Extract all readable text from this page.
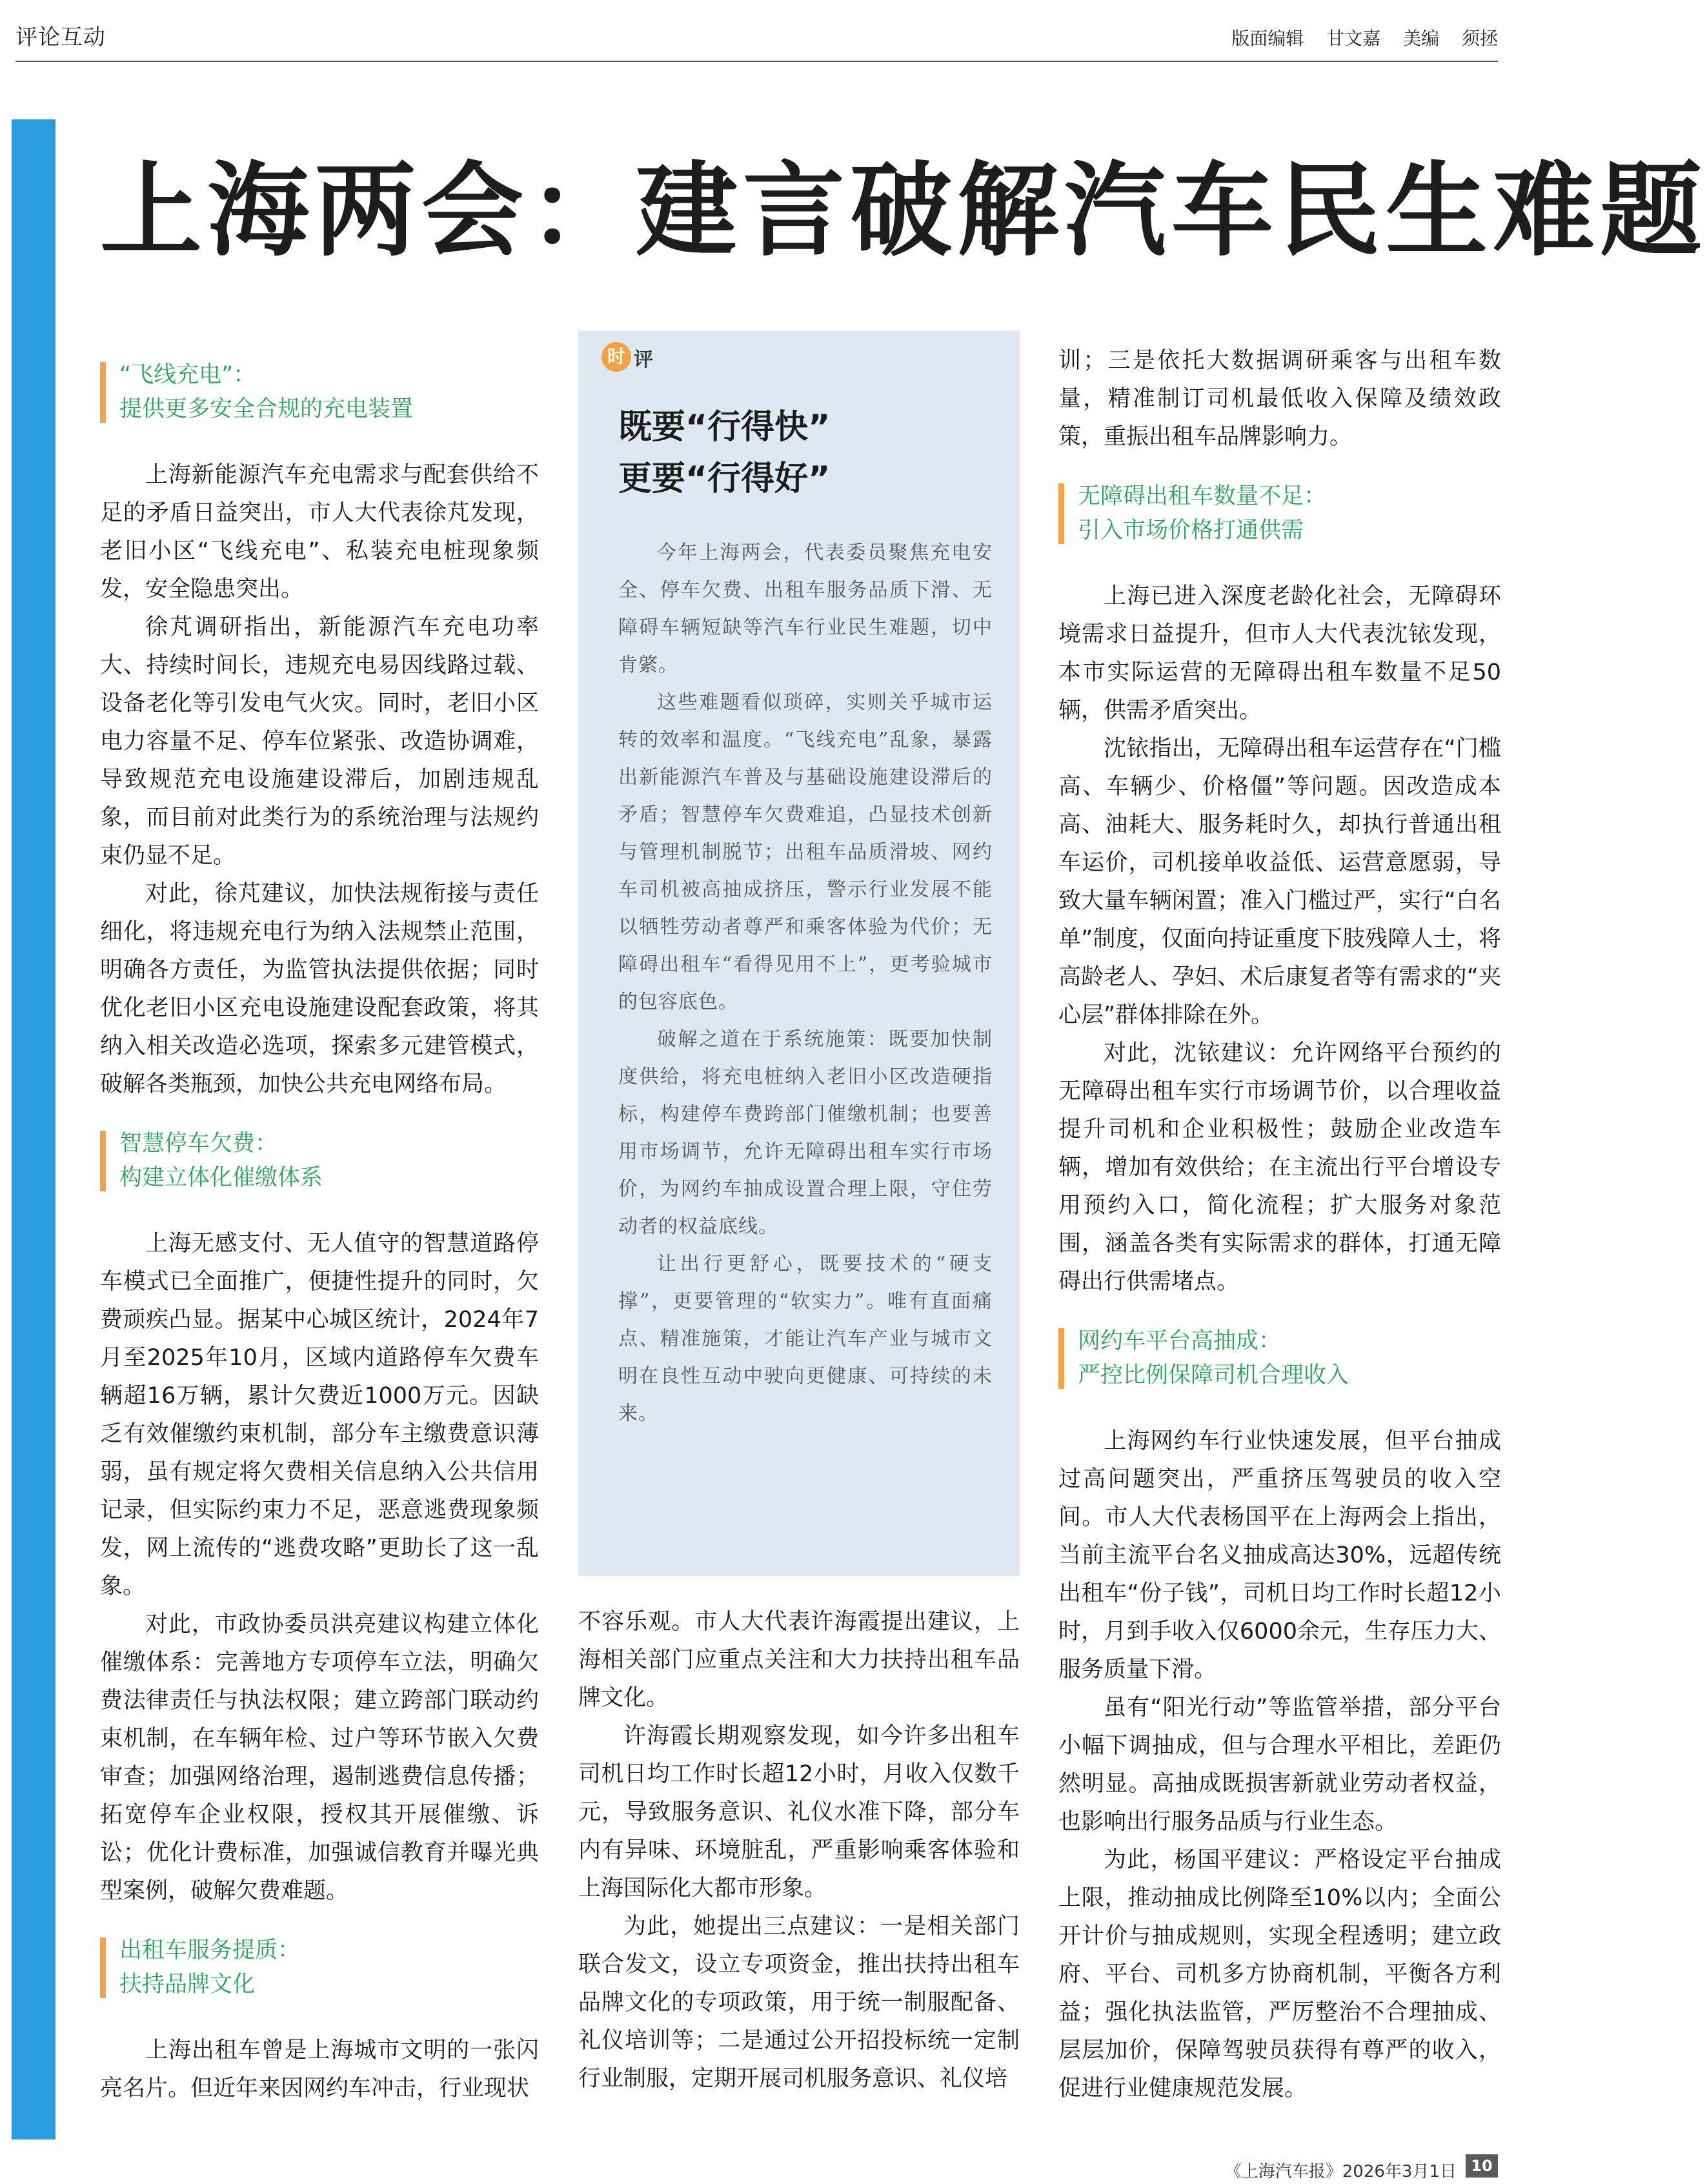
评论互动	版面编辑 甘文嘉 美编 须拯
上海两会：建言破解汽车民生难题
“飞线充电”：
提供更多安全合规的充电装置

上海新能源汽车充电需求与配套供给不足的矛盾日益突出，市人大代表徐芃发现，老旧小区“飞线充电”、私装充电桩现象频发，安全隐患突出。

徐芃调研指出，新能源汽车充电功率大、持续时间长，违规充电易因线路过载、设备老化等引发电气火灾。同时，老旧小区电力容量不足、停车位紧张、改造协调难，导致规范充电设施建设滞后，加剧违规乱象，而目前对此类行为的系统治理与法规约束仍显不足。

对此，徐芃建议，加快法规衔接与责任细化，将违规充电行为纳入法规禁止范围，明确各方责任，为监管执法提供依据；同时优化老旧小区充电设施建设配套政策，将其纳入相关改造必选项，探索多元建管模式，破解各类瓶颈，加快公共充电网络布局。

智慧停车欠费：
构建立体化催缴体系

上海无感支付、无人值守的智慧道路停车模式已全面推广，便捷性提升的同时，欠费顽疾凸显。据某中心城区统计，2024年7月至2025年10月，区域内道路停车欠费车辆超16万辆，累计欠费近1000万元。因缺乏有效催缴约束机制，部分车主缴费意识薄弱，虽有规定将欠费相关信息纳入公共信用记录，但实际约束力不足，恶意逃费现象频发，网上流传的“逃费攻略”更助长了这一乱象。

对此，市政协委员洪亮建议构建立体化催缴体系：完善地方专项停车立法，明确欠费法律责任与执法权限；建立跨部门联动约束机制，在车辆年检、过户等环节嵌入欠费审查；加强网络治理，遏制逃费信息传播；拓宽停车企业权限，授权其开展催缴、诉讼；优化计费标准，加强诚信教育并曝光典型案例，破解欠费难题。

出租车服务提质：
扶持品牌文化

上海出租车曾是上海城市文明的一张闪亮名片。但近年来因网约车冲击，行业现状

时 评
既要“行得快”
更要“行得好”

今年上海两会，代表委员聚焦充电安全、停车欠费、出租车服务品质下滑、无障碍车辆短缺等汽车行业民生难题，切中肯綮。

这些难题看似琐碎，实则关乎城市运转的效率和温度。“飞线充电”乱象，暴露出新能源汽车普及与基础设施建设滞后的矛盾；智慧停车欠费难追，凸显技术创新与管理机制脱节；出租车品质滑坡、网约车司机被高抽成挤压，警示行业发展不能以牺牲劳动者尊严和乘客体验为代价；无障碍出租车“看得见用不上”，更考验城市的包容底色。

破解之道在于系统施策：既要加快制度供给，将充电桩纳入老旧小区改造硬指标，构建停车费跨部门催缴机制；也要善用市场调节，允许无障碍出租车实行市场价，为网约车抽成设置合理上限，守住劳动者的权益底线。

让出行更舒心，既要技术的“硬支撑”，更要管理的“软实力”。唯有直面痛点、精准施策，才能让汽车产业与城市文明在良性互动中驶向更健康、可持续的未来。

不容乐观。市人大代表许海霞提出建议，上海相关部门应重点关注和大力扶持出租车品牌文化。

许海霞长期观察发现，如今许多出租车司机日均工作时长超12小时，月收入仅数千元，导致服务意识、礼仪水准下降，部分车内有异味、环境脏乱，严重影响乘客体验和上海国际化大都市形象。

为此，她提出三点建议：一是相关部门联合发文，设立专项资金，推出扶持出租车品牌文化的专项政策，用于统一制服配备、礼仪培训等；二是通过公开招投标统一定制行业制服，定期开展司机服务意识、礼仪培

训；三是依托大数据调研乘客与出租车数量，精准制订司机最低收入保障及绩效政策，重振出租车品牌影响力。

无障碍出租车数量不足：
引入市场价格打通供需

上海已进入深度老龄化社会，无障碍环境需求日益提升，但市人大代表沈铱发现，本市实际运营的无障碍出租车数量不足50辆，供需矛盾突出。

沈铱指出，无障碍出租车运营存在“门槛高、车辆少、价格僵”等问题。因改造成本高、油耗大、服务耗时久，却执行普通出租车运价，司机接单收益低、运营意愿弱，导致大量车辆闲置；准入门槛过严，实行“白名单”制度，仅面向持证重度下肢残障人士，将高龄老人、孕妇、术后康复者等有需求的“夹心层”群体排除在外。

对此，沈铱建议：允许网络平台预约的无障碍出租车实行市场调节价，以合理收益提升司机和企业积极性；鼓励企业改造车辆，增加有效供给；在主流出行平台增设专用预约入口，简化流程；扩大服务对象范围，涵盖各类有实际需求的群体，打通无障碍出行供需堵点。

网约车平台高抽成：
严控比例保障司机合理收入

上海网约车行业快速发展，但平台抽成过高问题突出，严重挤压驾驶员的收入空间。市人大代表杨国平在上海两会上指出，当前主流平台名义抽成高达30%，远超传统出租车“份子钱”，司机日均工作时长超12小时，月到手收入仅6000余元，生存压力大、服务质量下滑。

虽有“阳光行动”等监管举措，部分平台小幅下调抽成，但与合理水平相比，差距仍然明显。高抽成既损害新就业劳动者权益，也影响出行服务品质与行业生态。

为此，杨国平建议：严格设定平台抽成上限，推动抽成比例降至10%以内；全面公开计价与抽成规则，实现全程透明；建立政府、平台、司机多方协商机制，平衡各方利益；强化执法监管，严厉整治不合理抽成、层层加价，保障驾驶员获得有尊严的收入，促进行业健康规范发展。

《上海汽车报》2026年3月1日 10
